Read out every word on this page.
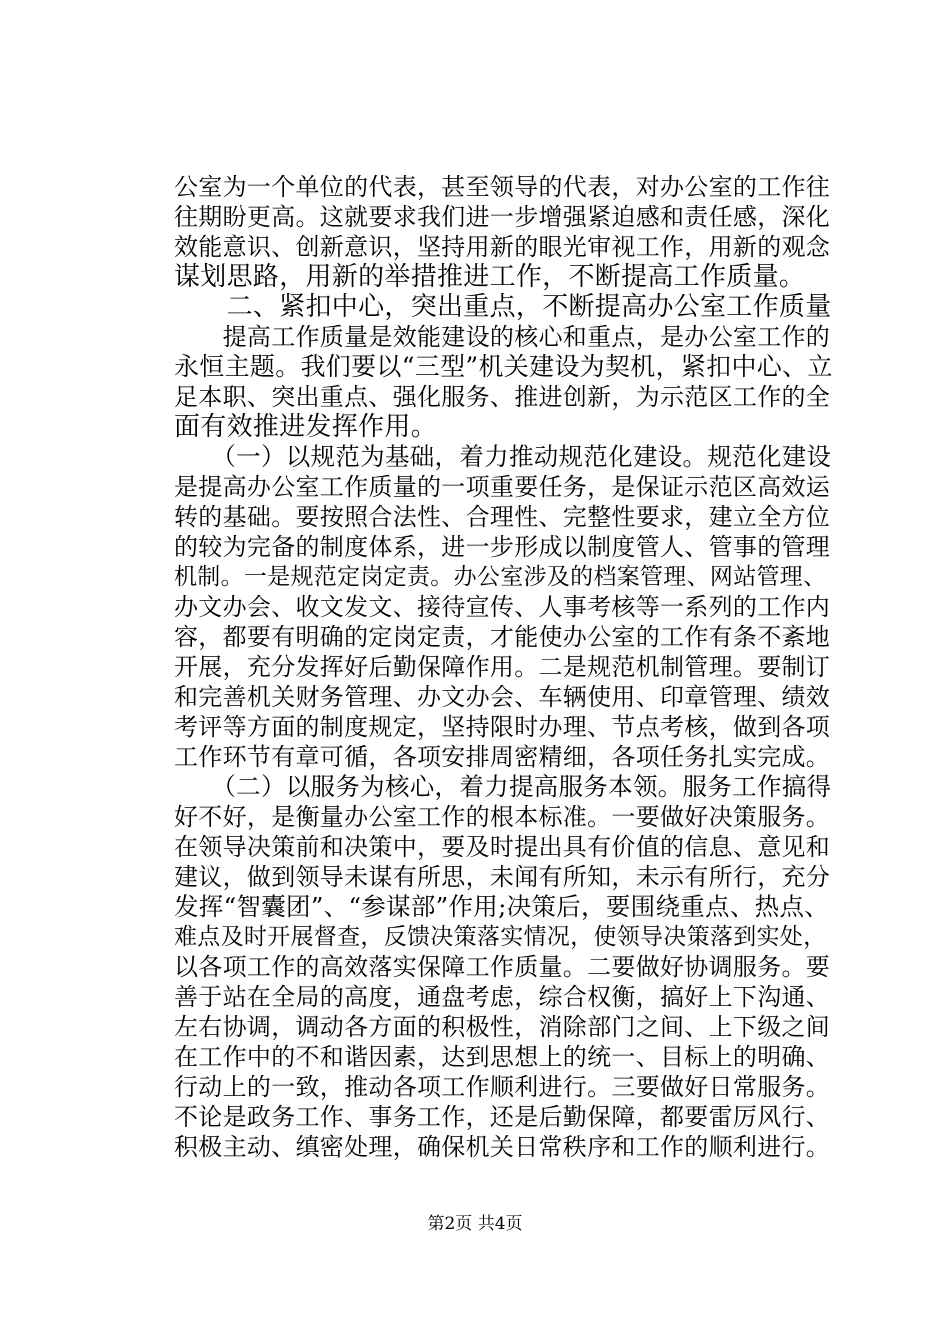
公室为一个单位的代表，甚至领导的代表，对办公室的工作往
往期盼更高。这就要求我们进一步增强紧迫感和责任感，深化
效能意识、创新意识，坚持用新的眼光审视工作，用新的观念
谋划思路，用新的举措推进工作，不断提高工作质量。
　　二、紧扣中心，突出重点，不断提高办公室工作质量
　　提高工作质量是效能建设的核心和重点，是办公室工作的
永恒主题。我们要以“三型”机关建设为契机，紧扣中心、立
足本职、突出重点、强化服务、推进创新，为示范区工作的全
面有效推进发挥作用。
　　（一）以规范为基础，着力推动规范化建设。规范化建设
是提高办公室工作质量的一项重要任务，是保证示范区高效运
转的基础。要按照合法性、合理性、完整性要求，建立全方位
的较为完备的制度体系，进一步形成以制度管人、管事的管理
机制。一是规范定岗定责。办公室涉及的档案管理、网站管理、
办文办会、收文发文、接待宣传、人事考核等一系列的工作内
容，都要有明确的定岗定责，才能使办公室的工作有条不紊地
开展，充分发挥好后勤保障作用。二是规范机制管理。要制订
和完善机关财务管理、办文办会、车辆使用、印章管理、绩效
考评等方面的制度规定，坚持限时办理、节点考核，做到各项
工作环节有章可循，各项安排周密精细，各项任务扎实完成。
　　（二）以服务为核心，着力提高服务本领。服务工作搞得
好不好，是衡量办公室工作的根本标准。一要做好决策服务。
在领导决策前和决策中，要及时提出具有价值的信息、意见和
建议，做到领导未谋有所思，未闻有所知，未示有所行，充分
发挥“智囊团”、“参谋部”作用;决策后，要围绕重点、热点、
难点及时开展督查，反馈决策落实情况，使领导决策落到实处，
以各项工作的高效落实保障工作质量。二要做好协调服务。要
善于站在全局的高度，通盘考虑，综合权衡，搞好上下沟通、
左右协调，调动各方面的积极性，消除部门之间、上下级之间
在工作中的不和谐因素，达到思想上的统一、目标上的明确、
行动上的一致，推动各项工作顺利进行。三要做好日常服务。
不论是政务工作、事务工作，还是后勤保障，都要雷厉风行、
积极主动、缜密处理，确保机关日常秩序和工作的顺利进行。
第2页 共4页
